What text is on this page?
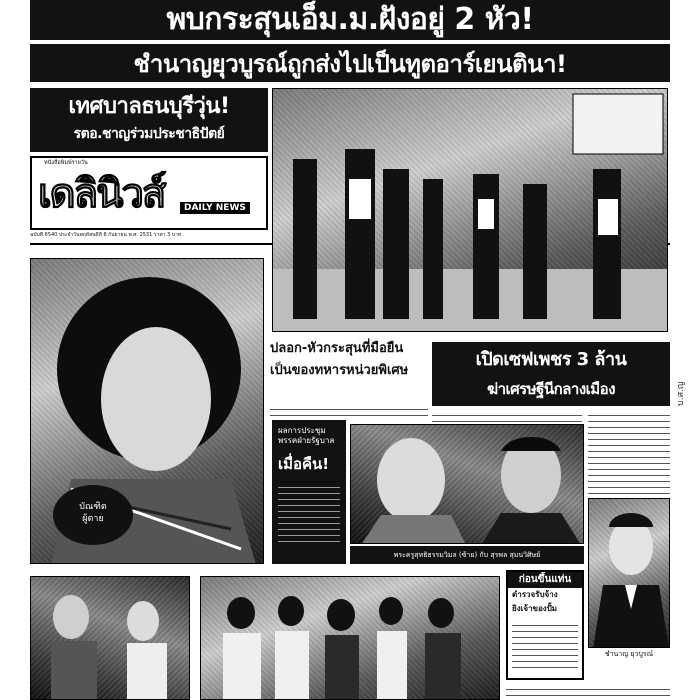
พบกระสุนเอ็ม.ม.ฝังอยู่ 2 หัว!
ชำนาญยุวบูรณ์ถูกส่งไปเป็นทูตอาร์เยนตินา!
เทศบาลธนบุรีวุ่น!
รตอ.ชาญร่วมประชาธิปัตย์
หนังสือพิมพ์รายวัน
เดลินิวส์	DAILY NEWS
ฉบับที่ 6540 ประจำวันพฤหัสบดีที่ 8 กันยายน พ.ศ. 2531 ราคา 3 บาท
บัณฑิต
ผู้ตาย
ปลอก-หัวกระสุนที่มือยืน
เป็นของทหารหน่วยพิเศษ
เปิดเซฟเพชร 3 ล้าน
ฆ่าเศรษฐีนีกลางเมือง
ผลการประชุมพรรคฝ่ายรัฐบาล
เมื่อคืน!
พระครูสุทธิธรรมวิมล (ซ้าย) กับ สุรพล สุมนวิศิษย์
ชำนาญ ยุวบูรณ์
ก่อนขึ้นแท่น
ตำรวจรับจ้าง
ยิงเจ้าของปั้ม
บ.ส.ญ
